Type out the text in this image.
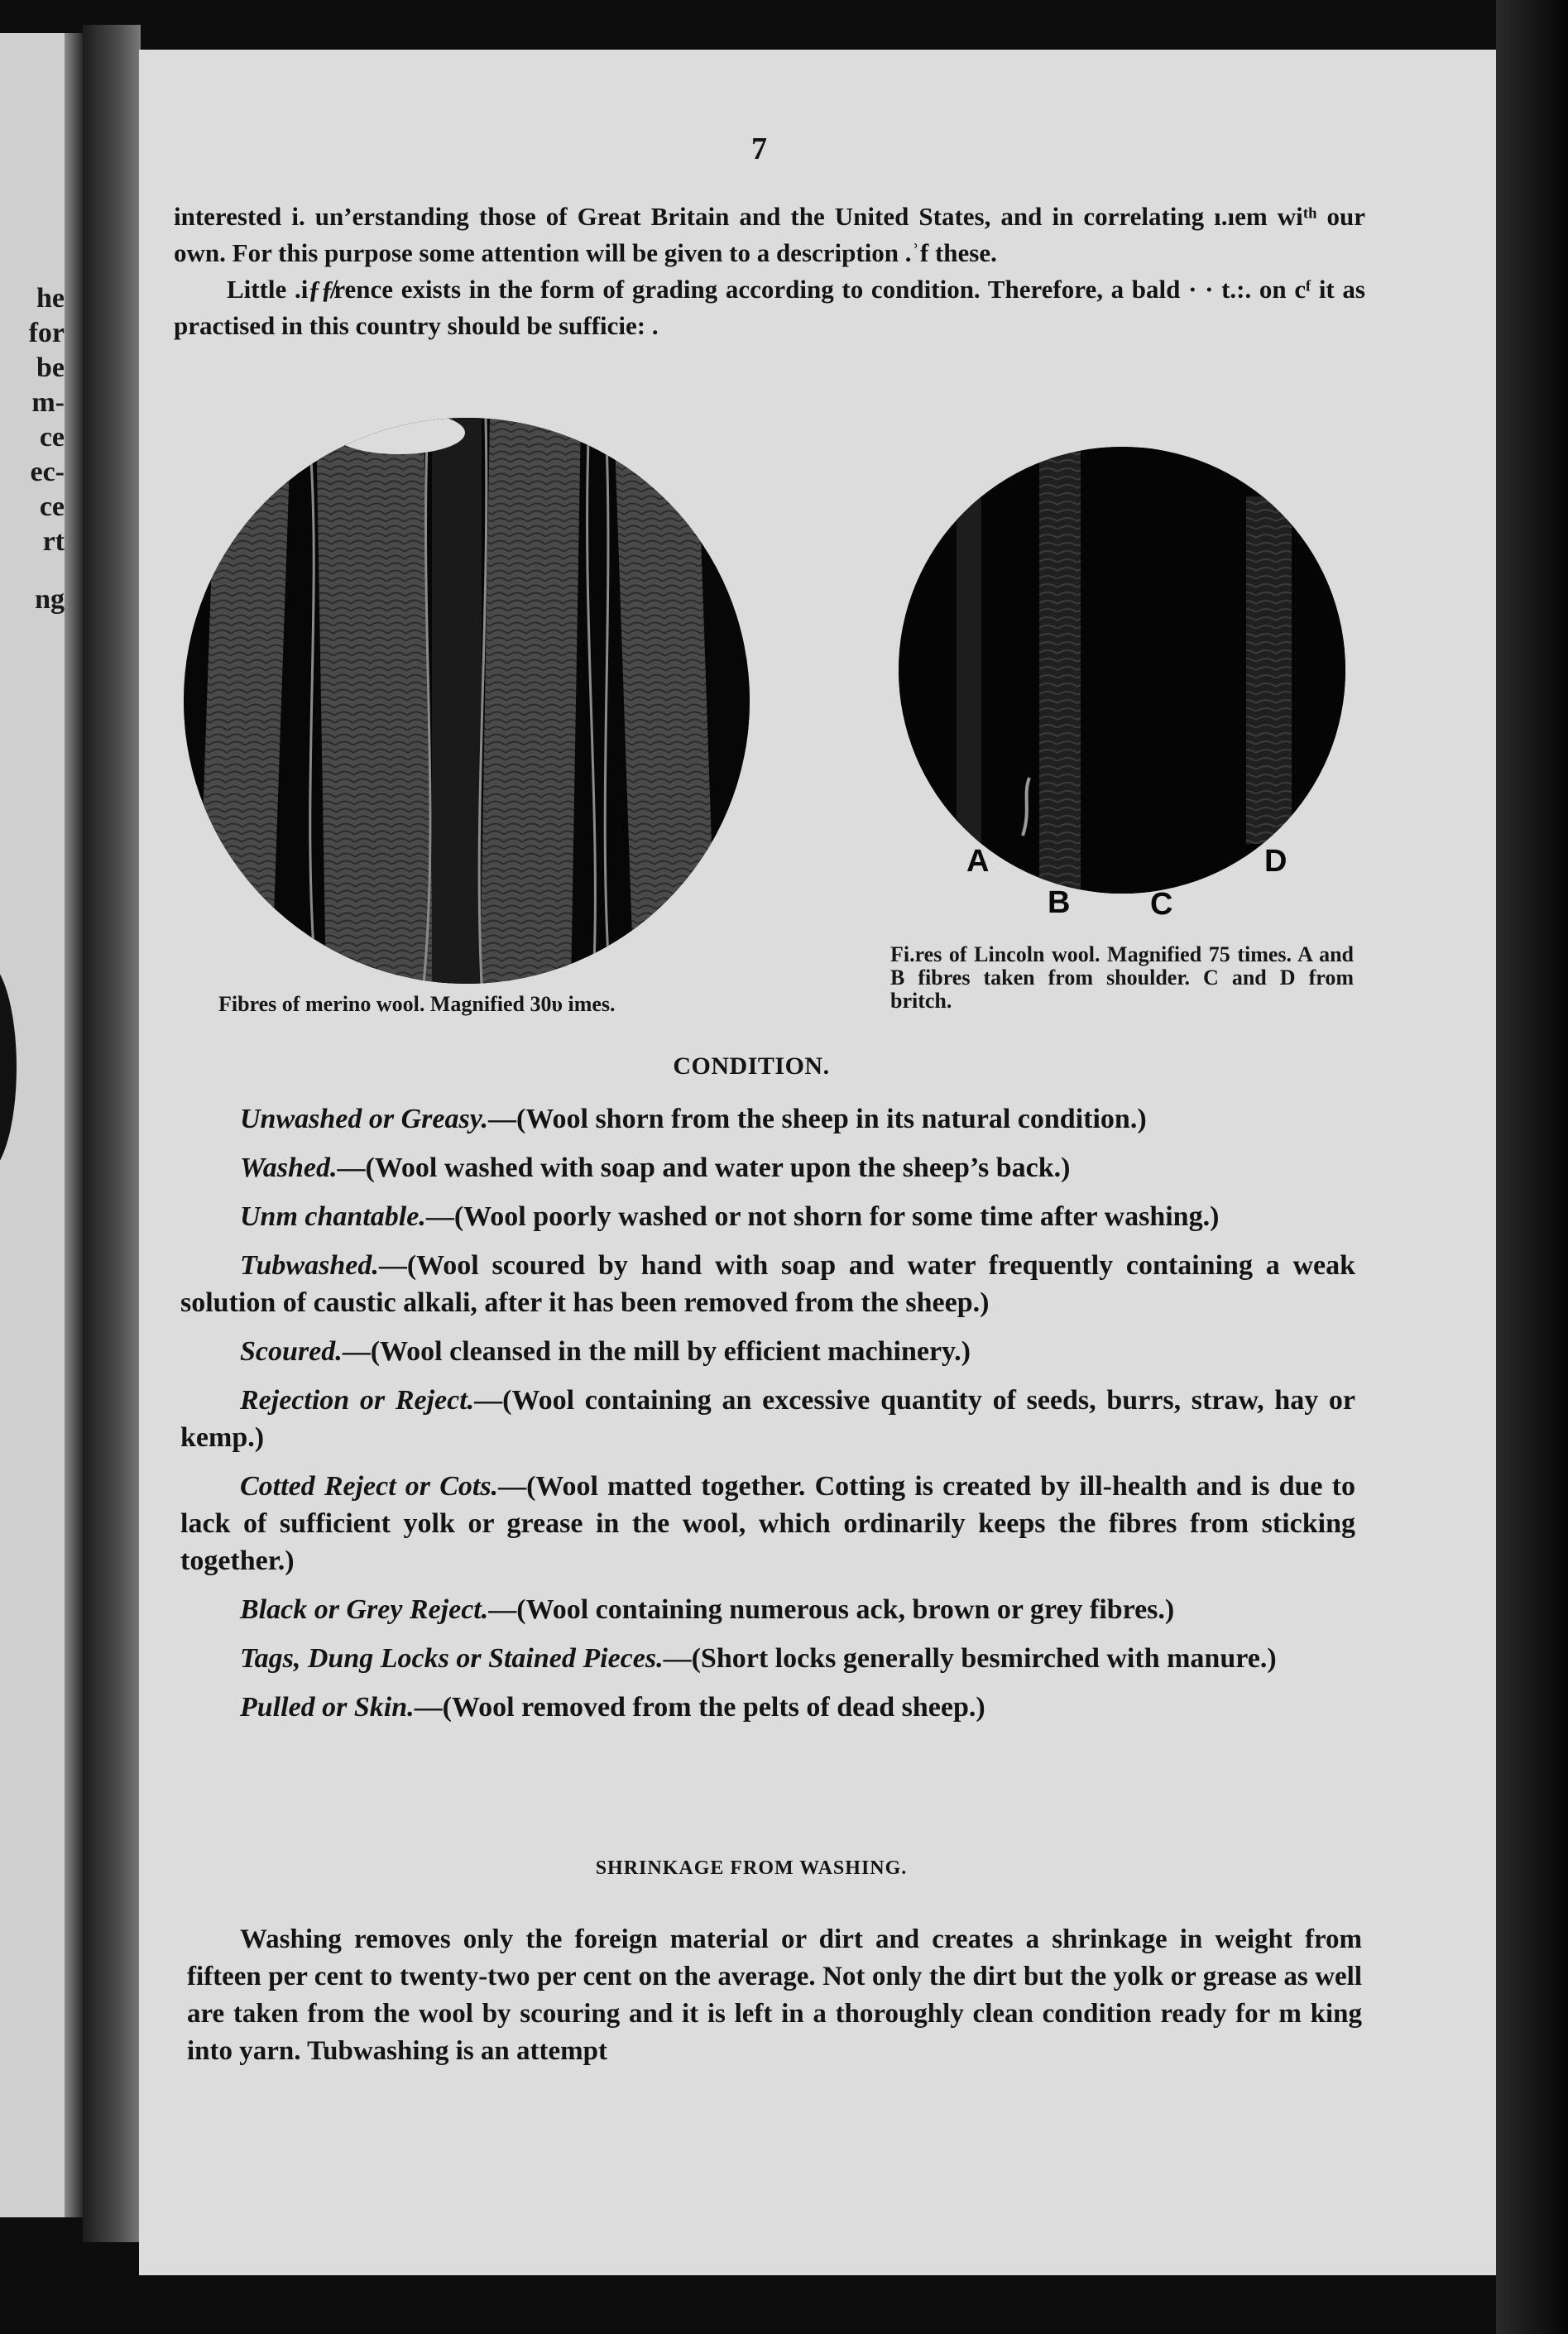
he
for
be
m-
ce
ec-
ce
rt
ng
7

interested i. un’erstanding those of Great Britain and the United States, and in correlating ı.ıem wiᵗʰ our own. For this purpose some attention will be given to a description .ʾf these.

Little .iƒƒ̸rence exists in the form of grading according to condition. Therefore, a bald · · t.:. on cᶠ it as practised in this country should be sufficie: .

A
B	C
D
Fibres of merino wool. Magnified 30υ imes.
Fi.res of Lincoln wool. Magnified 75 times. A and B fibres taken from shoulder. C and D from britch.
CONDITION.

Unwashed or Greasy.—(Wool shorn from the sheep in its natural condition.)

Washed.—(Wool washed with soap and water upon the sheep’s back.)

Unm chantable.—(Wool poorly washed or not shorn for some time after washing.)

Tubwashed.—(Wool scoured by hand with soap and water frequently containing a weak solution of caustic alkali, after it has been removed from the sheep.)

Scoured.—(Wool cleansed in the mill by efficient machinery.)

Rejection or Reject.—(Wool containing an excessive quantity of seeds, burrs, straw, hay or kemp.)

Cotted Reject or Cots.—(Wool matted together. Cotting is created by ill-health and is due to lack of sufficient yolk or grease in the wool, which ordinarily keeps the fibres from sticking together.)

Black or Grey Reject.—(Wool containing numerous ack, brown or grey fibres.)

Tags, Dung Locks or Stained Pieces.—(Short locks generally besmirched with manure.)

Pulled or Skin.—(Wool removed from the pelts of dead sheep.)

SHRINKAGE FROM WASHING.

Washing removes only the foreign material or dirt and creates a shrinkage in weight from fifteen per cent to twenty-two per cent on the average. Not only the dirt but the yolk or grease as well are taken from the wool by scouring and it is left in a thoroughly clean condition ready for m king into yarn. Tubwashing is an attempt
